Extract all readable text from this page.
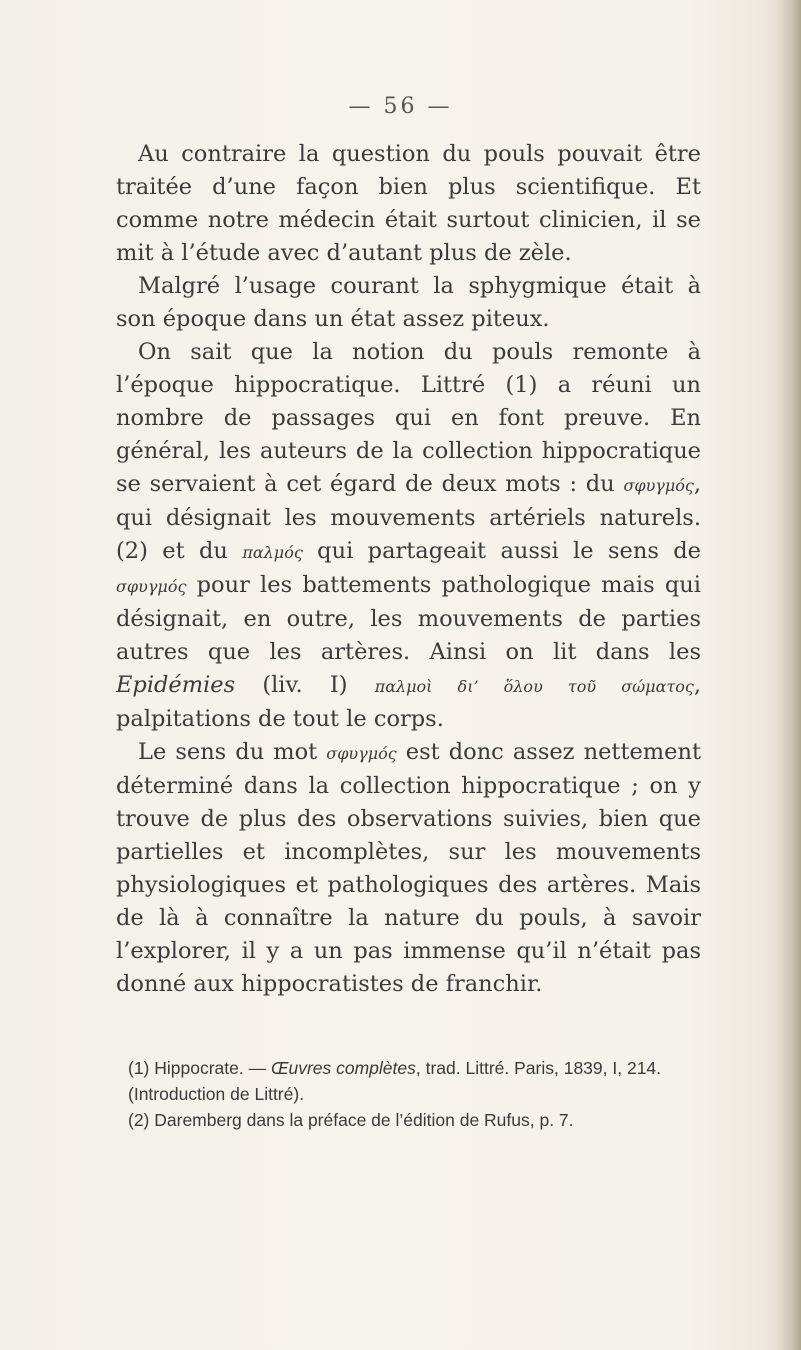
— 56 —

Au contraire la question du pouls pouvait être traitée d’une façon bien plus scientifique. Et comme notre médecin était surtout clinicien, il se mit à l’étude avec d’autant plus de zèle.

Malgré l’usage courant la sphygmique était à son époque dans un état assez piteux.

On sait que la notion du pouls remonte à l’époque hippocratique. Littré (1) a réuni un nombre de passages qui en font preuve. En général, les auteurs de la collection hippocratique se servaient à cet égard de deux mots : du σφυγμός, qui désignait les mouvements artériels naturels. (2) et du παλμός qui partageait aussi le sens de σφυγμός pour les battements pathologique mais qui désignait, en outre, les mouvements de parties autres que les artères. Ainsi on lit dans les Epidémies (liv. I) παλμοὶ δι’ ὅλου τοῦ σώματος, palpitations de tout le corps.

Le sens du mot σφυγμός est donc assez nettement déterminé dans la collection hippocratique ; on y trouve de plus des observations suivies, bien que partielles et incomplètes, sur les mouvements physiologiques et pathologiques des artères. Mais de là à connaître la nature du pouls, à savoir l’explorer, il y a un pas immense qu’il n’était pas donné aux hippocratistes de franchir.

(1) Hippocrate. — Œuvres complètes, trad. Littré. Paris, 1839, I, 214. (Introduction de Littré).

(2) Daremberg dans la préface de l’édition de Rufus, p. 7.
